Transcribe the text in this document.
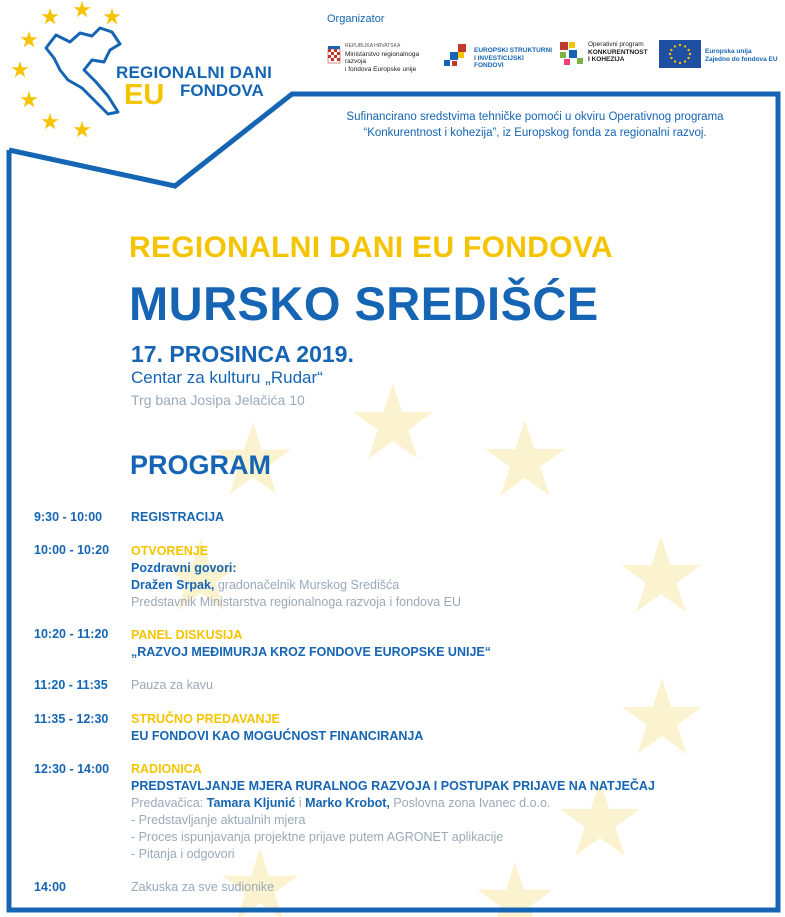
REGIONALNI DANI
EU FONDOVA
Organizator
REPUBLIKA HRVATSKA
Ministarstvo regionalnoga razvoja
i fondova Europske unije
EUROPSKI STRUKTURNI
I INVESTICIJSKI FONDOVI
Operativni program
KONKURENTNOST
I KOHEZIJA
Europska unija
Zajedno do fondova EU
Sufinancirano sredstvima tehničke pomoći u okviru Operativnog programa
“Konkurentnost i kohezija”, iz Europskog fonda za regionalni razvoj.
REGIONALNI DANI EU FONDOVA
MURSKO SREDIŠĆE
17. PROSINCA 2019.
Centar za kulturu „Rudar“
Trg bana Josipa Jelačića 10
PROGRAM
9:30 - 10:00 REGISTRACIJA
10:00 - 10:20 OTVORENJE
Pozdravni govori:
Dražen Srpak, gradonačelnik Murskog Središća
Predstavnik Ministarstva regionalnoga razvoja i fondova EU
10:20 - 11:20 PANEL DISKUSIJA
„RAZVOJ MEĐIMURJA KROZ FONDOVE EUROPSKE UNIJE“
11:20 - 11:35 Pauza za kavu
11:35 - 12:30 STRUČNO PREDAVANJE
EU FONDOVI KAO MOGUĆNOST FINANCIRANJA
12:30 - 14:00 RADIONICA
PREDSTAVLJANJE MJERA RURALNOG RAZVOJA I POSTUPAK PRIJAVE NA NATJEČAJ
Predavačica: Tamara Kljunić i Marko Krobot, Poslovna zona Ivanec d.o.o.
- Predstavljanje aktualnih mjera
- Proces ispunjavanja projektne prijave putem AGRONET aplikacije
- Pitanja i odgovori
14:00	Zakuska za sve sudionike
